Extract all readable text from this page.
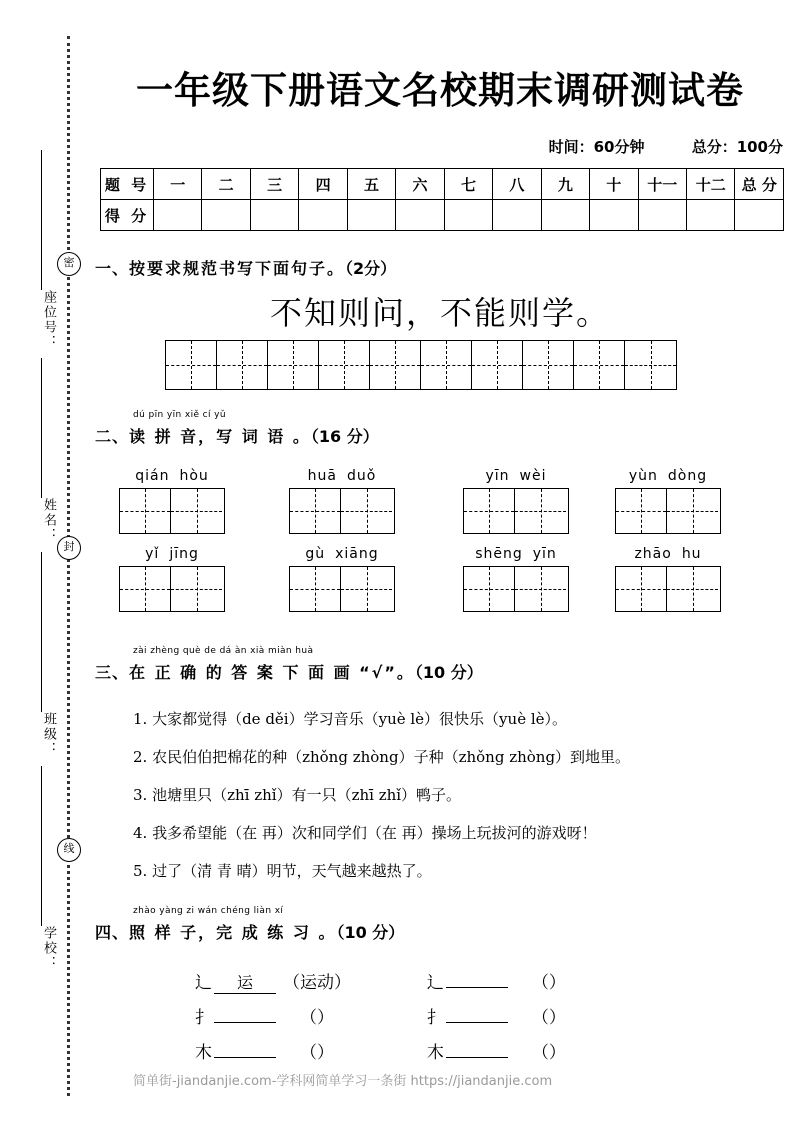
密
封
线
座位号：
姓名：
班级：
学校：
一年级下册语文名校期末调研测试卷
时间：60分钟	总分：100分
题 号	一	二	三	四	五	六	七	八	九	十	十一	十二	总 分
得 分													
一、按要求规范书写下面句子。（2分）
不知则问，不能则学。
dú pīn yīn xiě cí yǔ
二、读 拼 音，写 词 语 。（16 分）
qián hòu	huā duǒ	yīn wèi	yùn dòng
yǐ jīng	gù xiāng	shēng yīn	zhāo hu
zài zhèng què de dá àn xià miàn huà
三、在 正 确 的 答 案 下 面 画 “√”。（10 分）
1. 大家都觉得（de děi）学习音乐（yuè lè）很快乐（yuè lè）。
2. 农民伯伯把棉花的种（zhǒng zhòng）子种（zhǒng zhòng）到地里。
3. 池塘里只（zhī zhǐ）有一只（zhī zhǐ）鸭子。
4. 我多希望能（在 再）次和同学们（在 再）操场上玩拔河的游戏呀！
5. 过了（清 青 晴）明节，天气越来越热了。
zhào yàng zi wán chéng liàn xí
四、照 样 子，完 成 练 习 。（10 分）
辶 运 （运动）	辶	（）
扌	（）	扌	（）
木	（）	木	（）
简单街-jiandanjie.com-学科网简单学习一条街 https://jiandanjie.com
